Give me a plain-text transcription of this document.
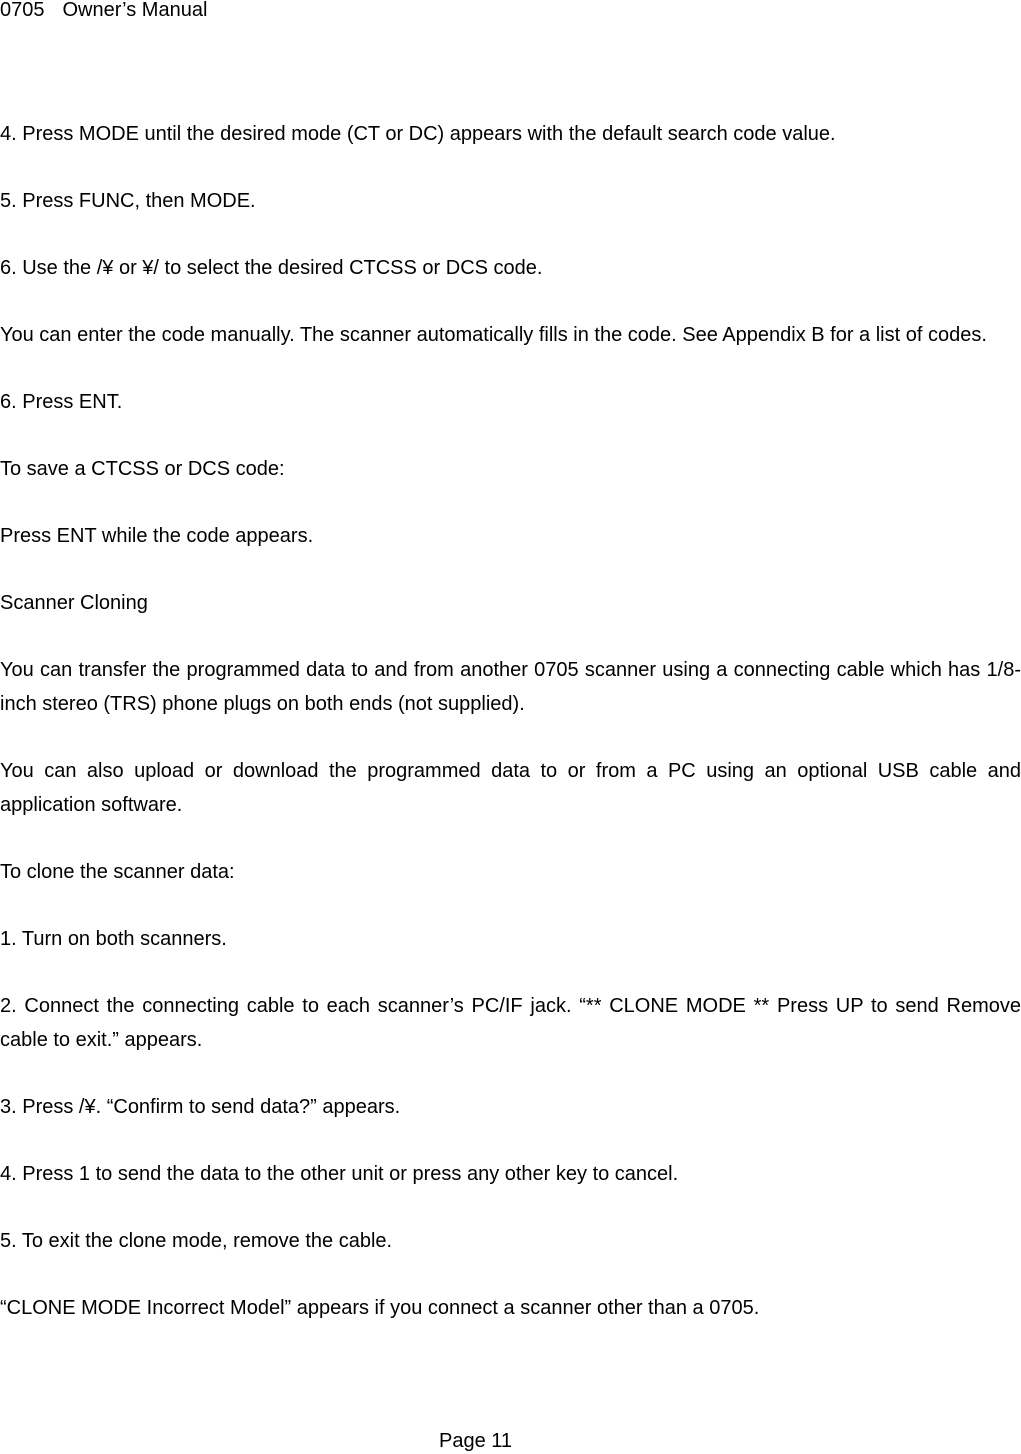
0705 Owner’s Manual

4. Press MODE until the desired mode (CT or DC) appears with the default search code value.

5. Press FUNC, then MODE.

6. Use the /¥ or ¥/ to select the desired CTCSS or DCS code.

You can enter the code manually. The scanner automatically fills in the code. See Appendix B for a list of codes.

6. Press ENT.

To save a CTCSS or DCS code:

Press ENT while the code appears.

Scanner Cloning

You can transfer the programmed data to and from another 0705 scanner using a connecting cable which has 1/8-inch stereo (TRS) phone plugs on both ends (not supplied).

You can also upload or download the programmed data to or from a PC using an optional USB cable and application software.

To clone the scanner data:

1. Turn on both scanners.

2. Connect the connecting cable to each scanner’s PC/IF jack. “** CLONE MODE ** Press UP to send Remove cable to exit.” appears.

3. Press /¥. “Confirm to send data?” appears.

4. Press 1 to send the data to the other unit or press any other key to cancel.

5. To exit the clone mode, remove the cable.

“CLONE MODE Incorrect Model” appears if you connect a scanner other than a 0705.

Page 11
